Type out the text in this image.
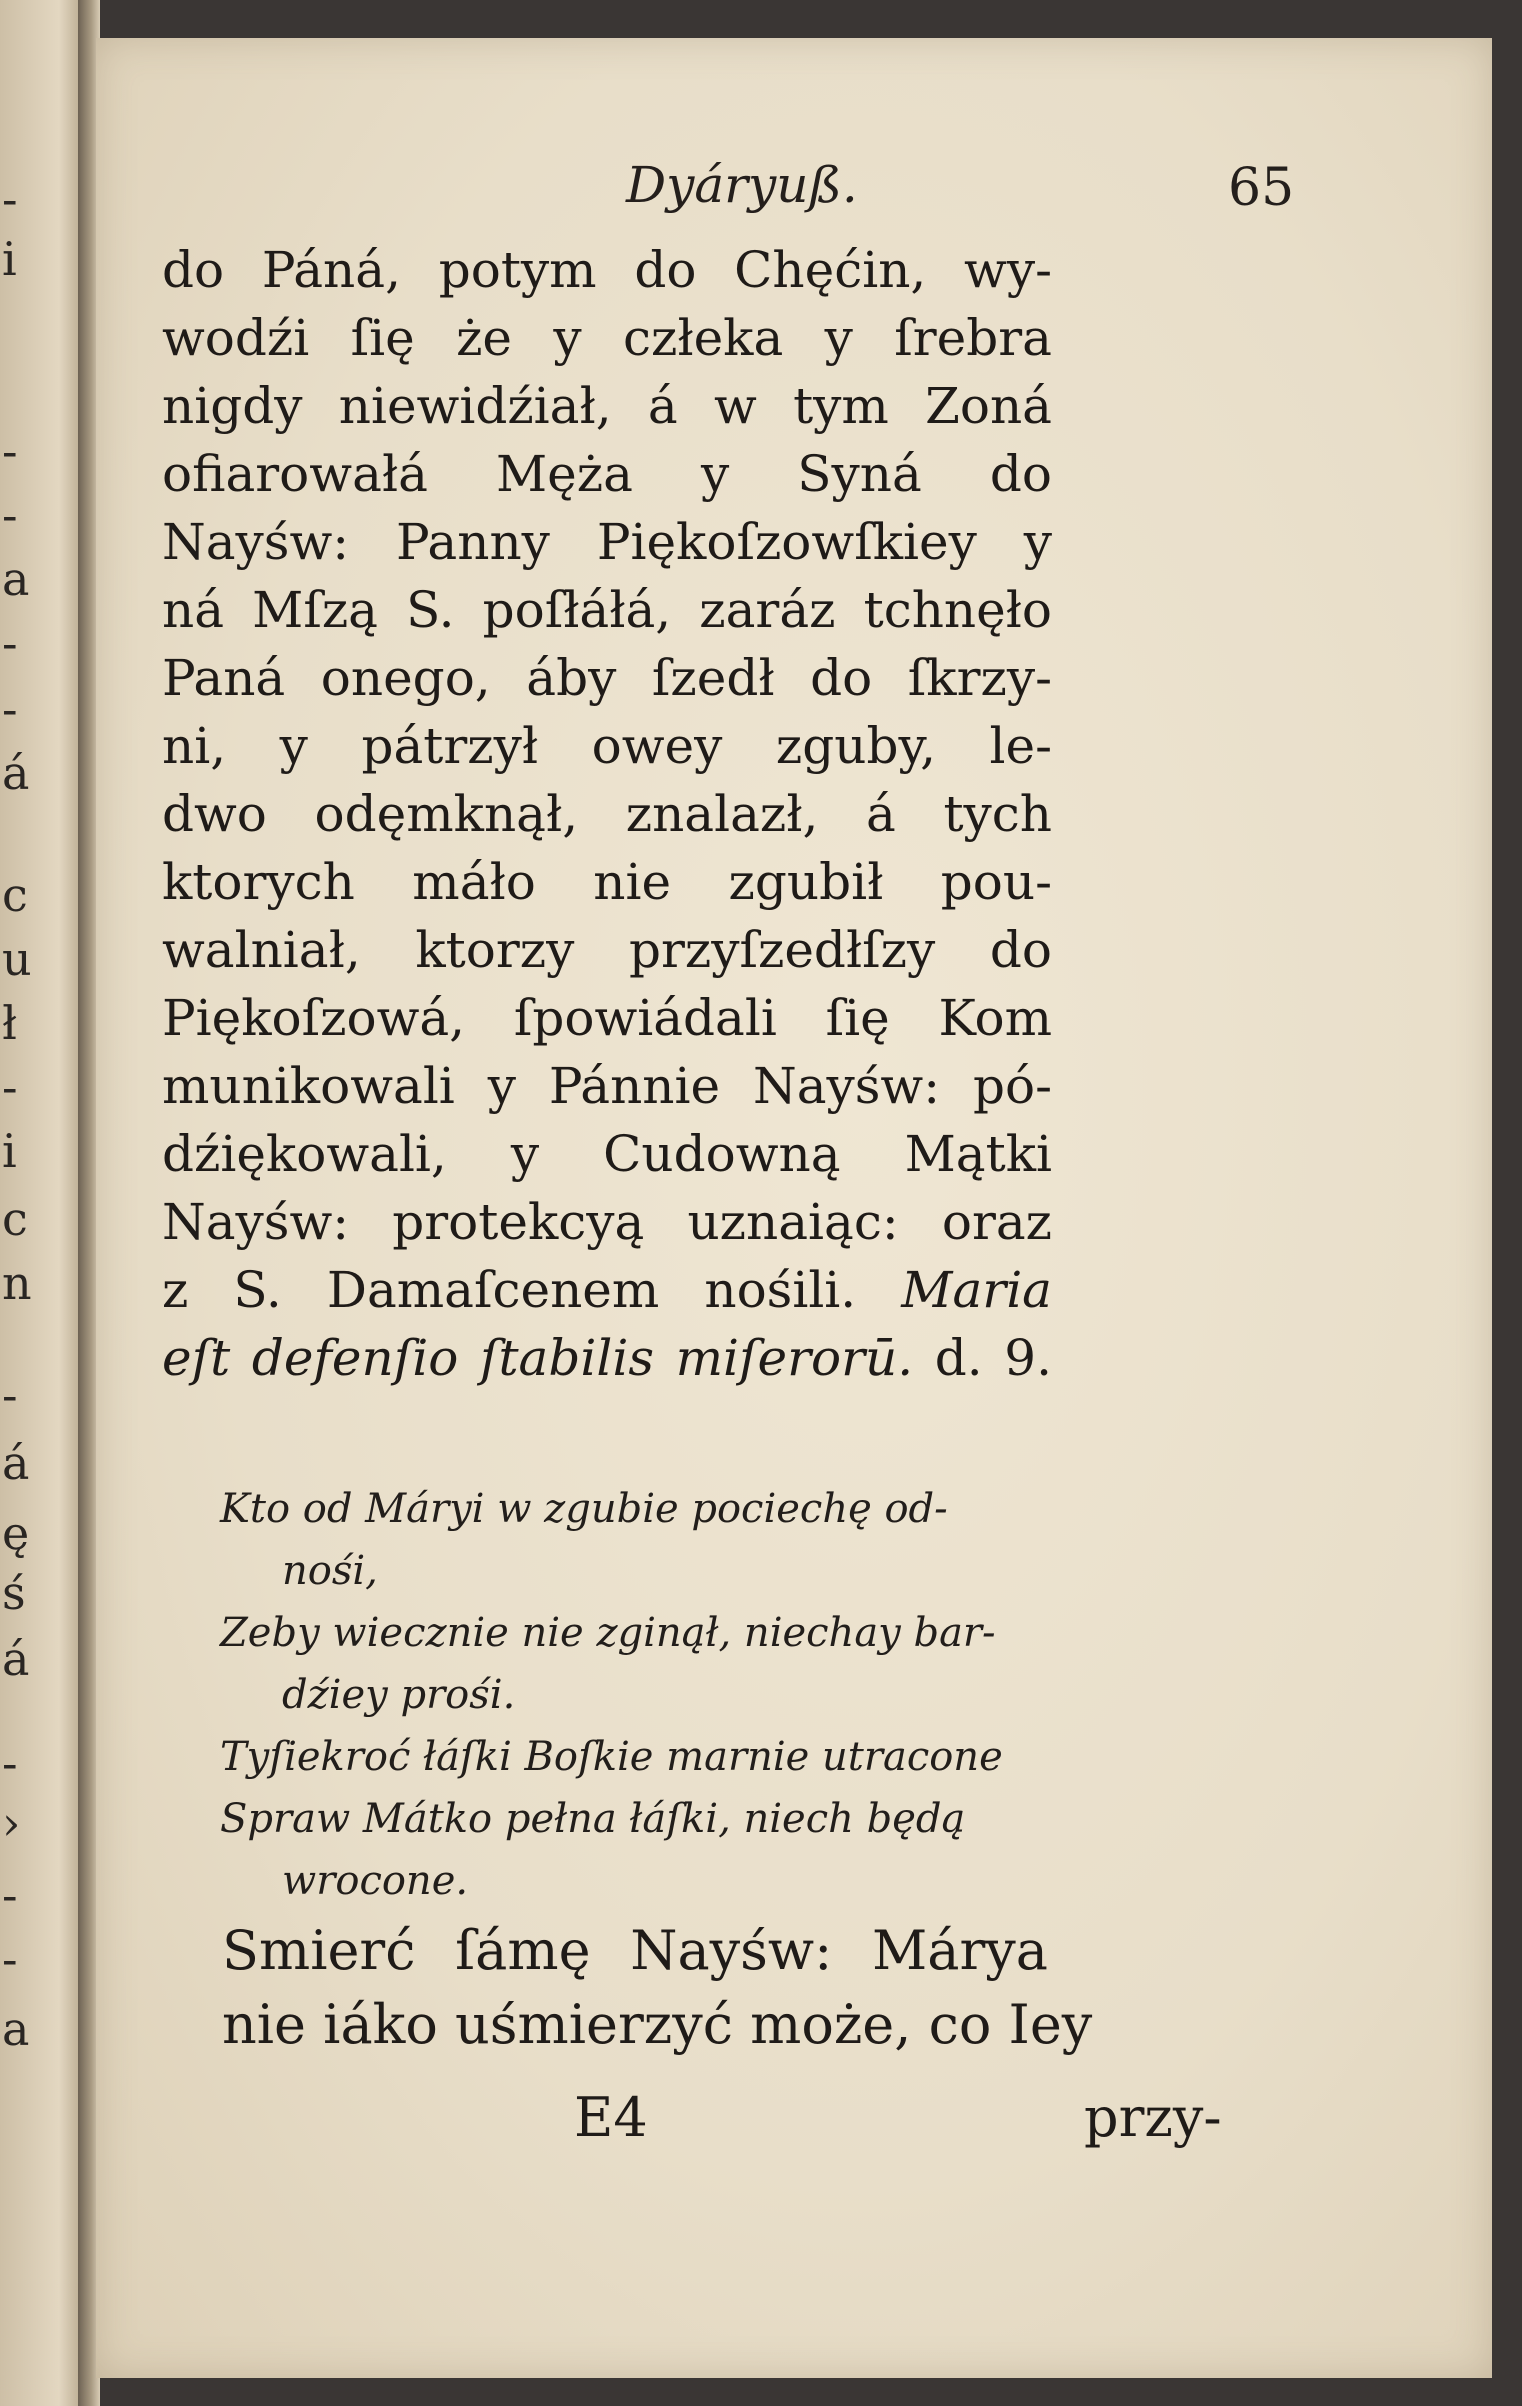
-
i
-
-
a
-
-
á
c
u
ł
-
i
c
n
-
á
ę
ś
á
-
›
-
-
a
Dyáryuß.	65
do Páná, potym do Chęćin, wy-
wodźi ſię że y człeka y ſrebra
nigdy niewidźiał, á w tym Zoná
ofiarowałá Męża y Syná do
Nayśw: Panny Piękoſzowſkiey y
ná Mſzą S. poſłáłá, zaráz tchnęło
Paná onego, áby ſzedł do ſkrzy-
ni, y pátrzył owey zguby, le-
dwo odęmknął, znalazł, á tych
ktorych máło nie zgubił pou-
walniał, ktorzy przyſzedłſzy do
Piękoſzowá, ſpowiádali ſię Kom
munikowali y Pánnie Nayśw: pó-
dźiękowali, y Cudowną Mątki
Nayśw: protekcyą uznaiąc: oraz
z S. Damaſcenem nośili. Maria
eſt defenſio ſtabilis miſerorū. d. 9.
Kto od Máryi w zgubie pociechę od-
nośi,
Zeby wiecznie nie zginął, niechay bar-
dźiey prośi.
Tyſiekroć łáſki Boſkie marnie utracone
Spraw Mátko pełna łáſki, niech będą
wrocone.
Smierć ſámę Nayśw: Márya
nie iáko uśmierzyć może, co Iey
E4	przy-
